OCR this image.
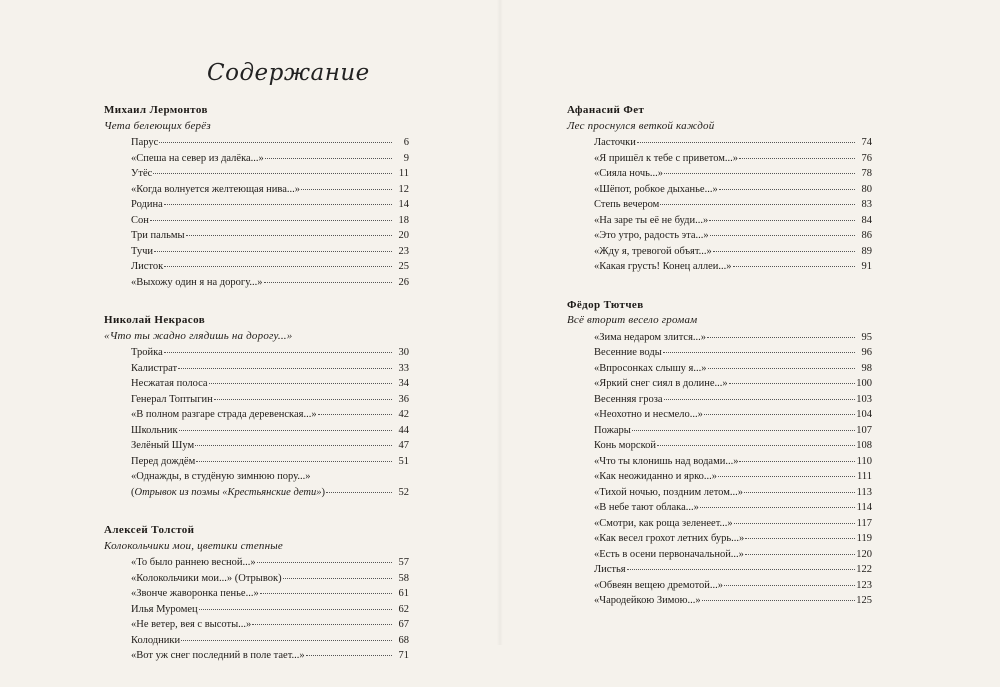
Содержание
Михаил Лермонтов
Чета белеющих берёз
Парус	6
«Спеша на север из далёка...»	9
Утёс	11
«Когда волнуется желтеющая нива...»	12
Родина	14
Сон	18
Три пальмы	20
Тучи	23
Листок	25
«Выхожу один я на дорогу...»	26
Николай Некрасов
«Что ты жадно глядишь на дорогу...»
Тройка	30
Калистрат	33
Несжатая полоса	34
Генерал Топтыгин	36
«В полном разгаре страда деревенская...»	42
Школьник	44
Зелёный Шум	47
Перед дождём	51
«Однажды, в студёную зимнюю пору...»
( Отрывок из поэмы «Крестьянские дети» )	52
Алексей Толстой
Колокольчики мои, цветики степные
«То было раннею весной...»	57
«Колокольчики мои...» (Отрывок)	58
«Звонче жаворонка пенье...»	61
Илья Муромец	62
«Не ветер, вея с высоты...»	67
Колодники	68
«Вот уж снег последний в поле тает...»	71
Афанасий Фет
Лес проснулся веткой каждой
Ласточки	74
«Я пришёл к тебе с приветом...»	76
«Сияла ночь...»	78
«Шёпот, робкое дыханье...»	80
Степь вечером	83
«На заре ты её не буди...»	84
«Это утро, радость эта...»	86
«Жду я, тревогой объят...»	89
«Какая грусть! Конец аллеи...»	91
Фёдор Тютчев
Всё вторит весело громам
«Зима недаром злится...»	95
Весенние воды	96
«Впросонках слышу я...»	98
«Яркий снег сиял в долине...»	100
Весенняя гроза	103
«Неохотно и несмело...»	104
Пожары	107
Конь морской	108
«Что ты клонишь над водами...»	110
«Как неожиданно и ярко...»	111
«Тихой ночью, поздним летом...»	113
«В небе тают облака...»	114
«Смотри, как роща зеленеет...»	117
«Как весел грохот летних бурь...»	119
«Есть в осени первоначальной...»	120
Листья	122
«Обвеян вещею дремотой...»	123
«Чародейкою Зимою...»	125
